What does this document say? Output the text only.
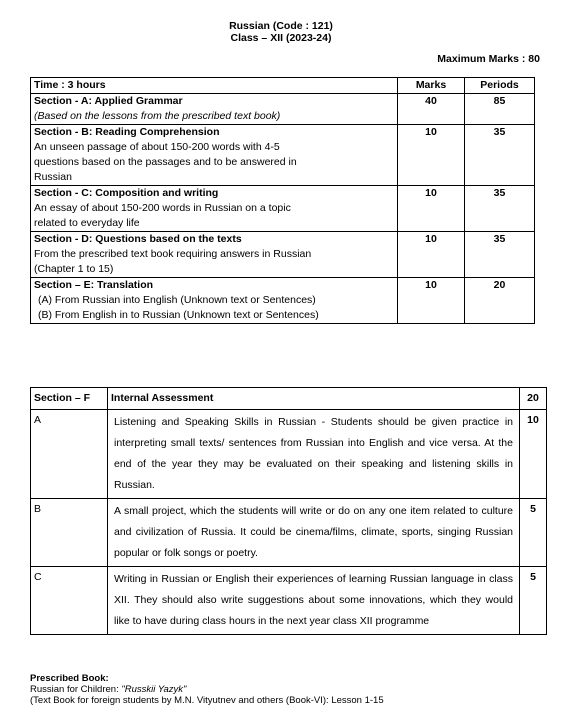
Russian (Code : 121)
Class – XII (2023-24)
Maximum Marks : 80
Time : 3 hours	Marks	Periods

Section - A: Applied Grammar
(Based on the lessons from the prescribed text book)	40	85

Section - B: Reading Comprehension
An unseen passage of about 150-200 words with 4-5
questions based on the passages and to be answered in
Russian	10	35

Section - C: Composition and writing
An essay of about 150-200 words in Russian on a topic
related to everyday life	10	35

Section - D: Questions based on the texts
From the prescribed text book requiring answers in Russian
(Chapter 1 to 15)	10	35

Section – E: Translation
(A) From Russian into English (Unknown text or Sentences)
(B) From English in to Russian (Unknown text or Sentences)	10	20
Section – F	Internal Assessment	20
A	Listening and Speaking Skills in Russian - Students should be given practice in interpreting small texts/ sentences from Russian into English and vice versa. At the end of the year they may be evaluated on their speaking and listening skills in Russian.	10
B	A small project, which the students will write or do on any one item related to culture and civilization of Russia. It could be cinema/films, climate, sports, singing Russian popular or folk songs or poetry.	5
C	Writing in Russian or English their experiences of learning Russian language in class XII. They should also write suggestions about some innovations, which they would like to have during class hours in the next year class XII programme	5
Prescribed Book:
Russian for Children: "Russkii Yazyk"
(Text Book for foreign students by M.N. Vityutnev and others (Book-VI): Lesson 1-15
